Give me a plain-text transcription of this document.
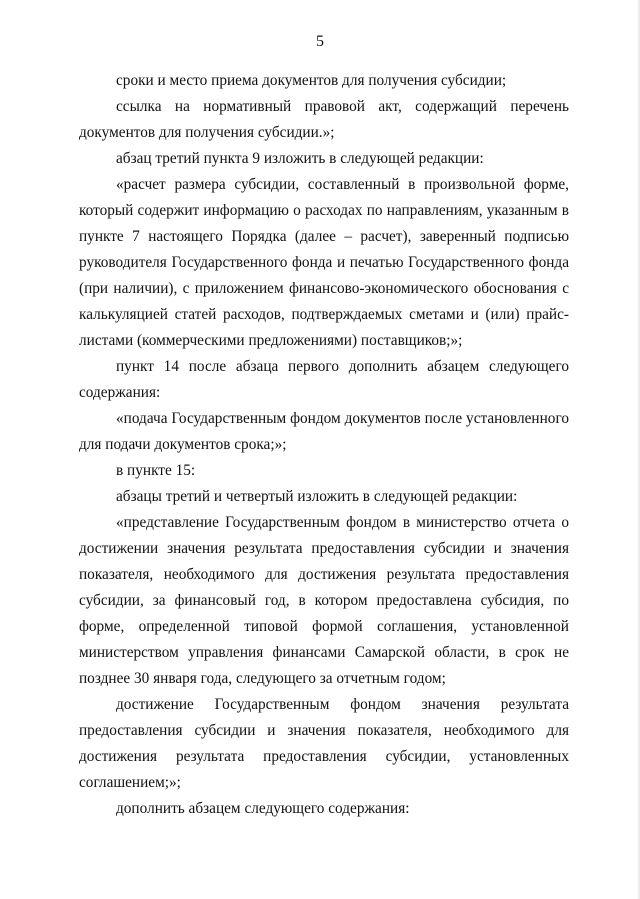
5

сроки и место приема документов для получения субсидии;

ссылка на нормативный правовой акт, содержащий перечень документов для получения субсидии.»;

абзац третий пункта 9 изложить в следующей редакции:

«расчет размера субсидии, составленный в произвольной форме, который содержит информацию о расходах по направлениям, указанным в пункте 7 настоящего Порядка (далее – расчет), заверенный подписью руководителя Государственного фонда и печатью Государственного фонда (при наличии), с приложением финансово-экономического обоснования с калькуляцией статей расходов, подтверждаемых сметами и (или) прайс-листами (коммерческими предложениями) поставщиков;»;

пункт 14 после абзаца первого дополнить абзацем следующего содержания:

«подача Государственным фондом документов после установленного для подачи документов срока;»;

в пункте 15:

абзацы третий и четвертый изложить в следующей редакции:

«представление Государственным фондом в министерство отчета о достижении значения результата предоставления субсидии и значения показателя, необходимого для достижения результата предоставления субсидии, за финансовый год, в котором предоставлена субсидия, по форме, определенной типовой формой соглашения, установленной министерством управления финансами Самарской области, в срок не позднее 30 января года, следующего за отчетным годом;

достижение Государственным фондом значения результата предоставления субсидии и значения показателя, необходимого для достижения результата предоставления субсидии, установленных соглашением;»;

дополнить абзацем следующего содержания:
